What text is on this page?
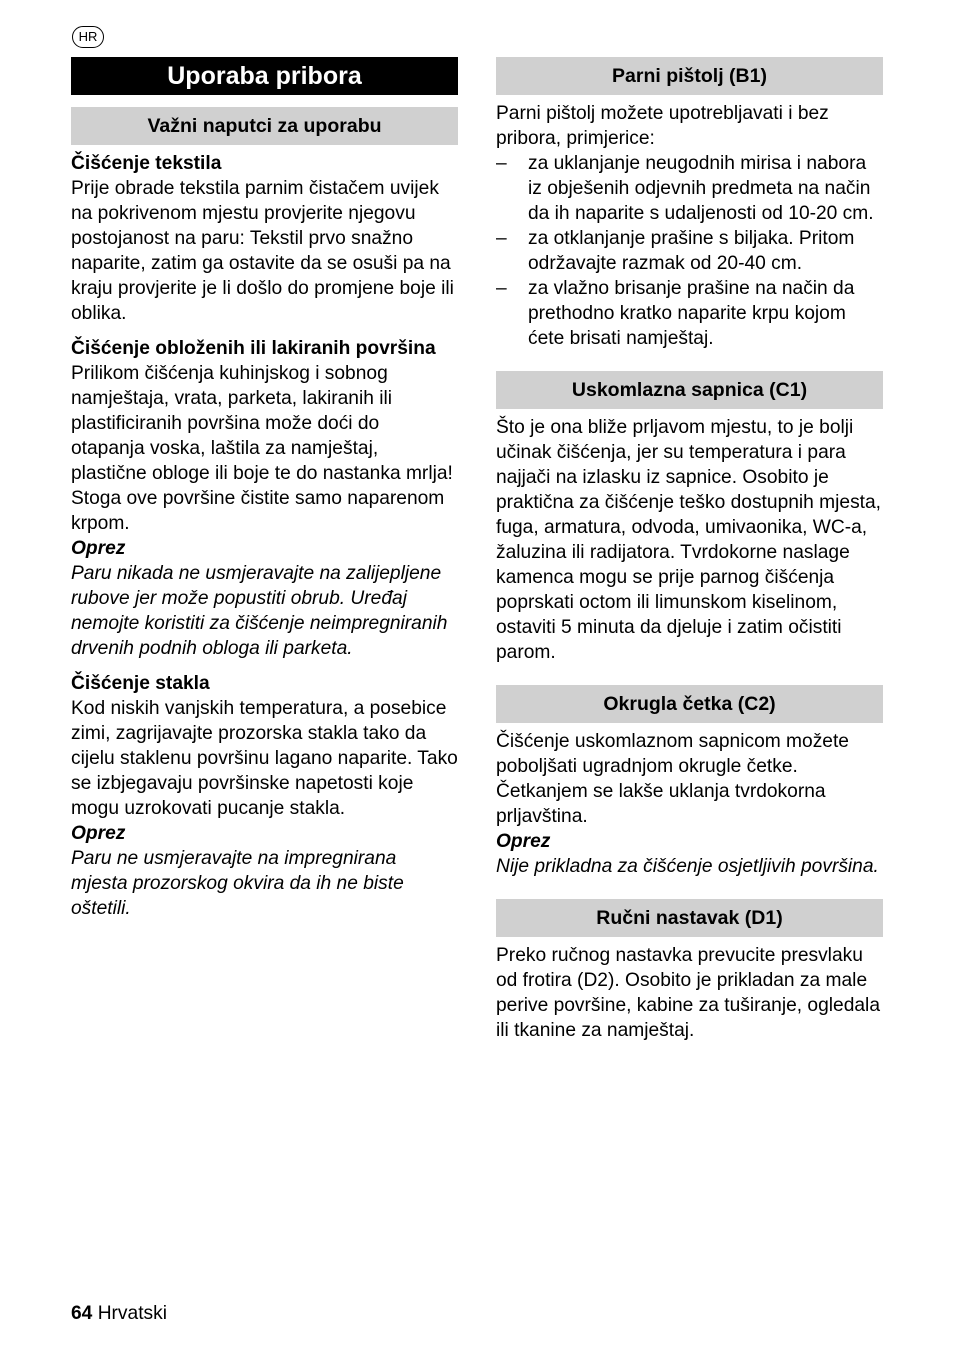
HR
Uporaba pribora
Važni naputci za uporabu
Čišćenje tekstila

Prije obrade tekstila parnim čistačem uvijek na pokrivenom mjestu provjerite njegovu postojanost na paru: Tekstil prvo snažno naparite, zatim ga ostavite da se osuši pa na kraju provjerite je li došlo do promjene boje ili oblika.

Čišćenje obloženih ili lakiranih površina

Prilikom čišćenja kuhinjskog i sobnog namještaja, vrata, parketa, lakiranih ili plastificiranih površina može doći do otapanja voska, laštila za namještaj, plastične obloge ili boje te do nastanka mrlja! Stoga ove površine čistite samo naparenom krpom.

Oprez
Paru nikada ne usmjeravajte na zalijepljene rubove jer može popustiti obrub. Uređaj nemojte koristiti za čišćenje neimpregniranih drvenih podnih obloga ili parketa.
Čišćenje stakla

Kod niskih vanjskih temperatura, a posebice zimi, zagrijavajte prozorska stakla tako da cijelu staklenu površinu lagano naparite. Tako se izbjegavaju površinske napetosti koje mogu uzrokovati pucanje stakla.

Oprez
Paru ne usmjeravajte na impregnirana mjesta prozorskog okvira da ih ne biste oštetili.
Parni pištolj (B1)

Parni pištolj možete upotrebljavati i bez pribora, primjerice:

– za uklanjanje neugodnih mirisa i nabora iz obješenih odjevnih predmeta na način da ih naparite s udaljenosti od 10-20 cm.
– za otklanjanje prašine s biljaka. Pritom održavajte razmak od 20-40 cm.
– za vlažno brisanje prašine na način da prethodno kratko naparite krpu kojom ćete brisati namještaj.
Uskomlazna sapnica (C1)

Što je ona bliže prljavom mjestu, to je bolji učinak čišćenja, jer su temperatura i para najjači na izlasku iz sapnice. Osobito je praktična za čišćenje teško dostupnih mjesta, fuga, armatura, odvoda, umivaonika, WC-a, žaluzina ili radijatora. Tvrdokorne naslage kamenca mogu se prije parnog čišćenja poprskati octom ili limunskom kiselinom, ostaviti 5 minuta da djeluje i zatim očistiti parom.

Okrugla četka (C2)

Čišćenje uskomlaznom sapnicom možete poboljšati ugradnjom okrugle četke. Četkanjem se lakše uklanja tvrdokorna prljavština.

Oprez
Nije prikladna za čišćenje osjetljivih površina.
Ručni nastavak (D1)

Preko ručnog nastavka prevucite presvlaku od frotira (D2). Osobito je prikladan za male perive površine, kabine za tuširanje, ogledala ili tkanine za namještaj.

64 Hrvatski
